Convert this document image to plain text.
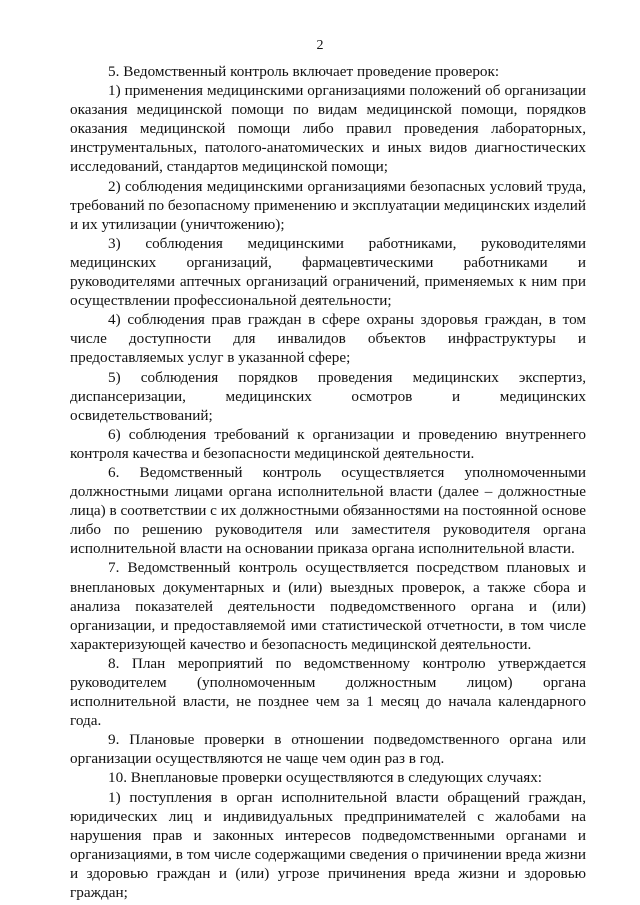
2

5. Ведомственный контроль включает проведение проверок:

1) применения медицинскими организациями положений об организации оказания медицинской помощи по видам медицинской помощи, порядков оказания медицинской помощи либо правил проведения лабораторных, инструментальных, патолого-анатомических и иных видов диагностических исследований, стандартов медицинской помощи;

2) соблюдения медицинскими организациями безопасных условий труда, требований по безопасному применению и эксплуатации медицинских изделий и их утилизации (уничтожению);

3) соблюдения медицинскими работниками, руководителями медицинских организаций, фармацевтическими работниками и руководителями аптечных организаций ограничений, применяемых к ним при осуществлении профессиональной деятельности;

4) соблюдения прав граждан в сфере охраны здоровья граждан, в том числе доступности для инвалидов объектов инфраструктуры и предоставляемых услуг в указанной сфере;

5) соблюдения порядков проведения медицинских экспертиз, диспансеризации, медицинских осмотров и медицинских освидетельствований;

6) соблюдения требований к организации и проведению внутреннего контроля качества и безопасности медицинской деятельности.

6. Ведомственный контроль осуществляется уполномоченными должностными лицами органа исполнительной власти (далее – должностные лица) в соответствии с их должностными обязанностями на постоянной основе либо по решению руководителя или заместителя руководителя органа исполнительной власти на основании приказа органа исполнительной власти.

7. Ведомственный контроль осуществляется посредством плановых и внеплановых документарных и (или) выездных проверок, а также сбора и анализа показателей деятельности подведомственного органа и (или) организации, и предоставляемой ими статистической отчетности, в том числе характеризующей качество и безопасность медицинской деятельности.

8. План мероприятий по ведомственному контролю утверждается руководителем (уполномоченным должностным лицом) органа исполнительной власти, не позднее чем за 1 месяц до начала календарного года.

9. Плановые проверки в отношении подведомственного органа или организации осуществляются не чаще чем один раз в год.

10. Внеплановые проверки осуществляются в следующих случаях:

1) поступления в орган исполнительной власти обращений граждан, юридических лиц и индивидуальных предпринимателей с жалобами на нарушения прав и законных интересов подведомственными органами и организациями, в том числе содержащими сведения о причинении вреда жизни и здоровью граждан и (или) угрозе причинения вреда жизни и здоровью граждан;
